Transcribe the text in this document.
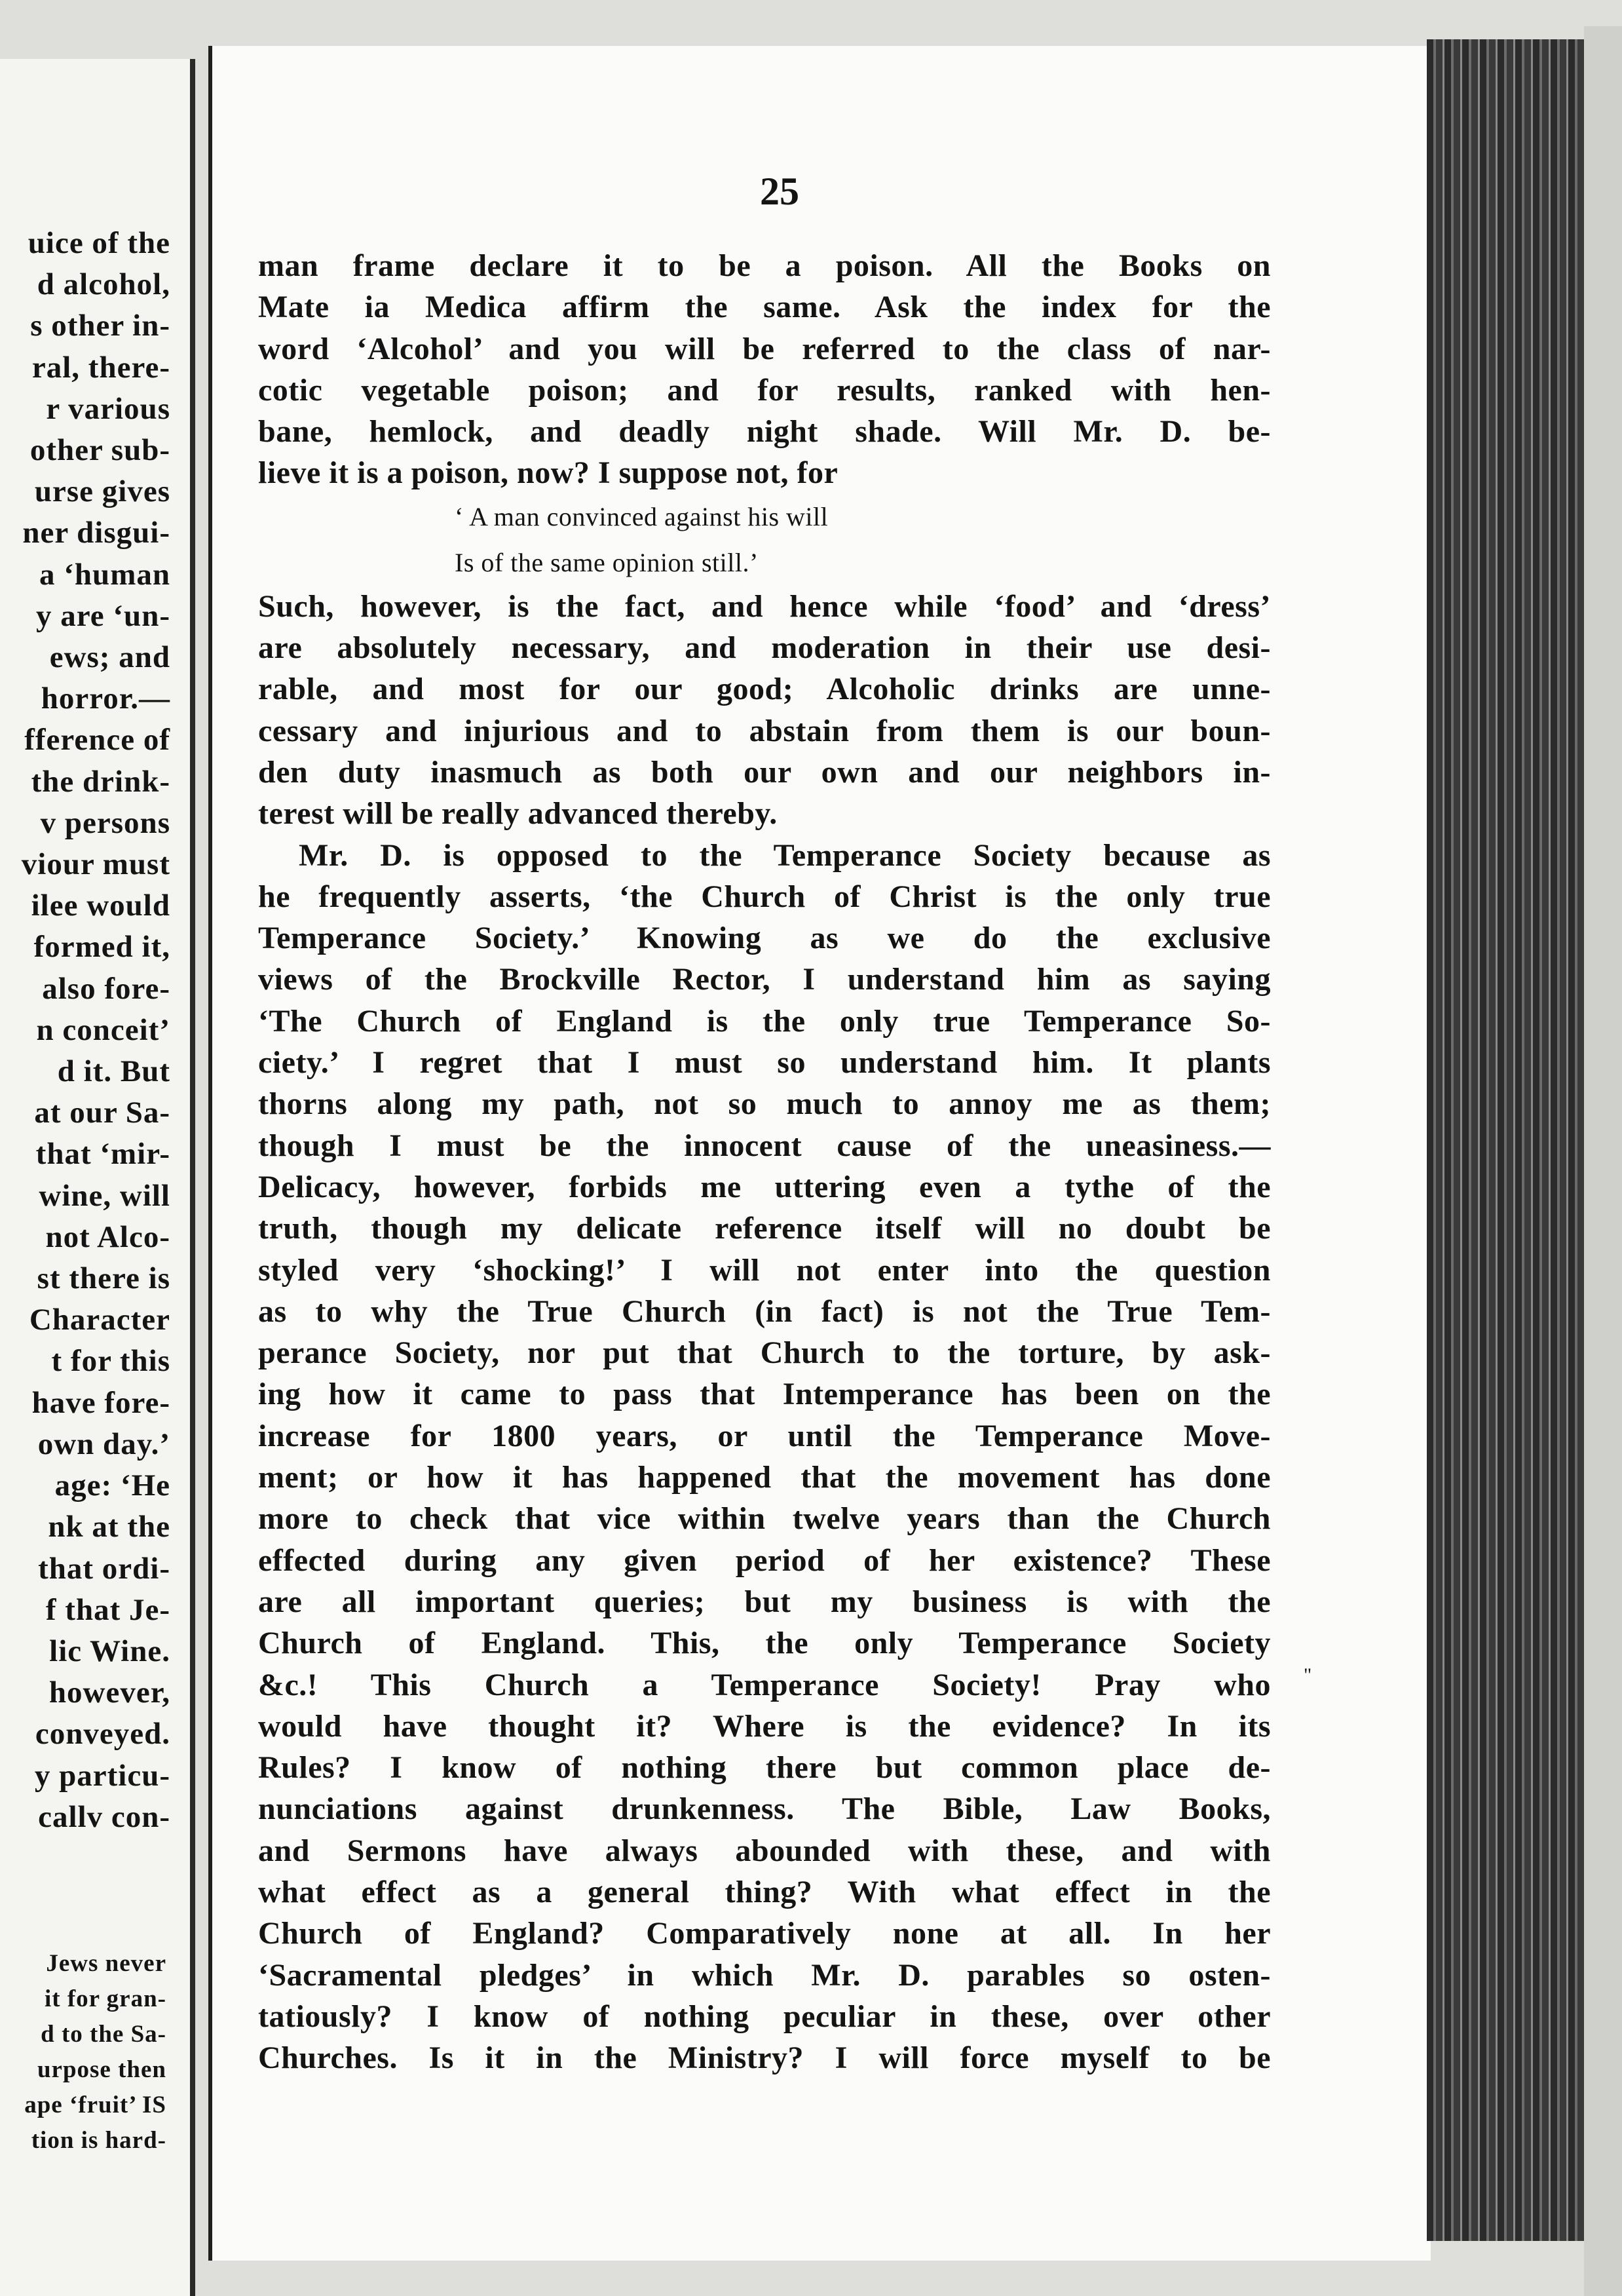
uice of the
d alcohol,
s other in-
ral, there-
r various
other sub-
urse gives
ner disgui-
a ‘human
y are ‘un-
ews; and
horror.—
fference of
the drink-
v persons
viour must
ilee would
formed it,
also fore-
n conceit’
d it. But
at our Sa-
that ‘mir-
wine, will
not Alco-
st there is
Character
t for this
have fore-
own day.’
age: ‘He
nk at the
that ordi-
f that Je-
lic Wine.
however,
conveyed.
y particu-
callv con-
Jews never
it for gran-
d to the Sa-
urpose then
ape ‘fruit’ IS
tion is hard-
25
man frame declare it to be a poison. All the Books on
Mate ia Medica affirm the same. Ask the index for the
word ‘Alcohol’ and you will be referred to the class of nar-
cotic vegetable poison; and for results, ranked with hen-
bane, hemlock, and deadly night shade. Will Mr. D. be-
lieve it is a poison, now? I suppose not, for
‘ A man convinced against his will
Is of the same opinion still.’
Such, however, is the fact, and hence while ‘food’ and ‘dress’
are absolutely necessary, and moderation in their use desi-
rable, and most for our good; Alcoholic drinks are unne-
cessary and injurious and to abstain from them is our boun-
den duty inasmuch as both our own and our neighbors in-
terest will be really advanced thereby.
Mr. D. is opposed to the Temperance Society because as
he frequently asserts, ‘the Church of Christ is the only true
Temperance Society.’ Knowing as we do the exclusive
views of the Brockville Rector, I understand him as saying
‘The Church of England is the only true Temperance So-
ciety.’ I regret that I must so understand him. It plants
thorns along my path, not so much to annoy me as them;
though I must be the innocent cause of the uneasiness.—
Delicacy, however, forbids me uttering even a tythe of the
truth, though my delicate reference itself will no doubt be
styled very ‘shocking!’ I will not enter into the question
as to why the True Church (in fact) is not the True Tem-
perance Society, nor put that Church to the torture, by ask-
ing how it came to pass that Intemperance has been on the
increase for 1800 years, or until the Temperance Move-
ment; or how it has happened that the movement has done
more to check that vice within twelve years than the Church
effected during any given period of her existence? These
are all important queries; but my business is with the
Church of England. This, the only Temperance Society
&c.! This Church a Temperance Society! Pray who
would have thought it? Where is the evidence? In its
Rules? I know of nothing there but common place de-
nunciations against drunkenness. The Bible, Law Books,
and Sermons have always abounded with these, and with
what effect as a general thing? With what effect in the
Church of England? Comparatively none at all. In her
‘Sacramental pledges’ in which Mr. D. parables so osten-
tatiously? I know of nothing peculiar in these, over other
Churches. Is it in the Ministry? I will force myself to be
"
